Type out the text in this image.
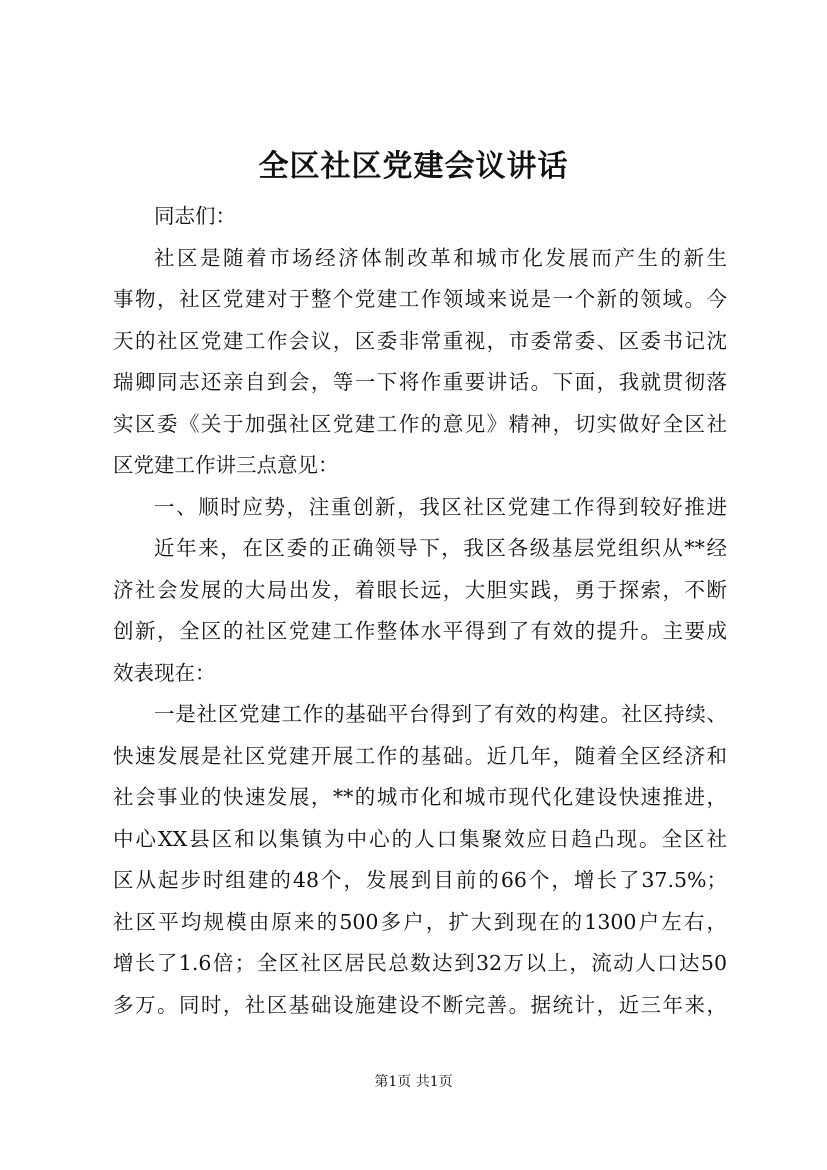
全区社区党建会议讲话
同志们：
社区是随着市场经济体制改革和城市化发展而产生的新生
事物，社区党建对于整个党建工作领域来说是一个新的领域。今
天的社区党建工作会议，区委非常重视，市委常委、区委书记沈
瑞卿同志还亲自到会，等一下将作重要讲话。下面，我就贯彻落
实区委《关于加强社区党建工作的意见》精神，切实做好全区社
区党建工作讲三点意见：
一、顺时应势，注重创新，我区社区党建工作得到较好推进
近年来，在区委的正确领导下，我区各级基层党组织从**经
济社会发展的大局出发，着眼长远，大胆实践，勇于探索，不断
创新，全区的社区党建工作整体水平得到了有效的提升。主要成
效表现在：
一是社区党建工作的基础平台得到了有效的构建。社区持续、
快速发展是社区党建开展工作的基础。近几年，随着全区经济和
社会事业的快速发展，**的城市化和城市现代化建设快速推进，
中心XX县区和以集镇为中心的人口集聚效应日趋凸现。全区社
区从起步时组建的48个，发展到目前的66个，增长了37.5%；
社区平均规模由原来的500多户，扩大到现在的1300户左右，
增长了1.6倍；全区社区居民总数达到32万以上，流动人口达50
多万。同时，社区基础设施建设不断完善。据统计，近三年来，
第1页 共1页
